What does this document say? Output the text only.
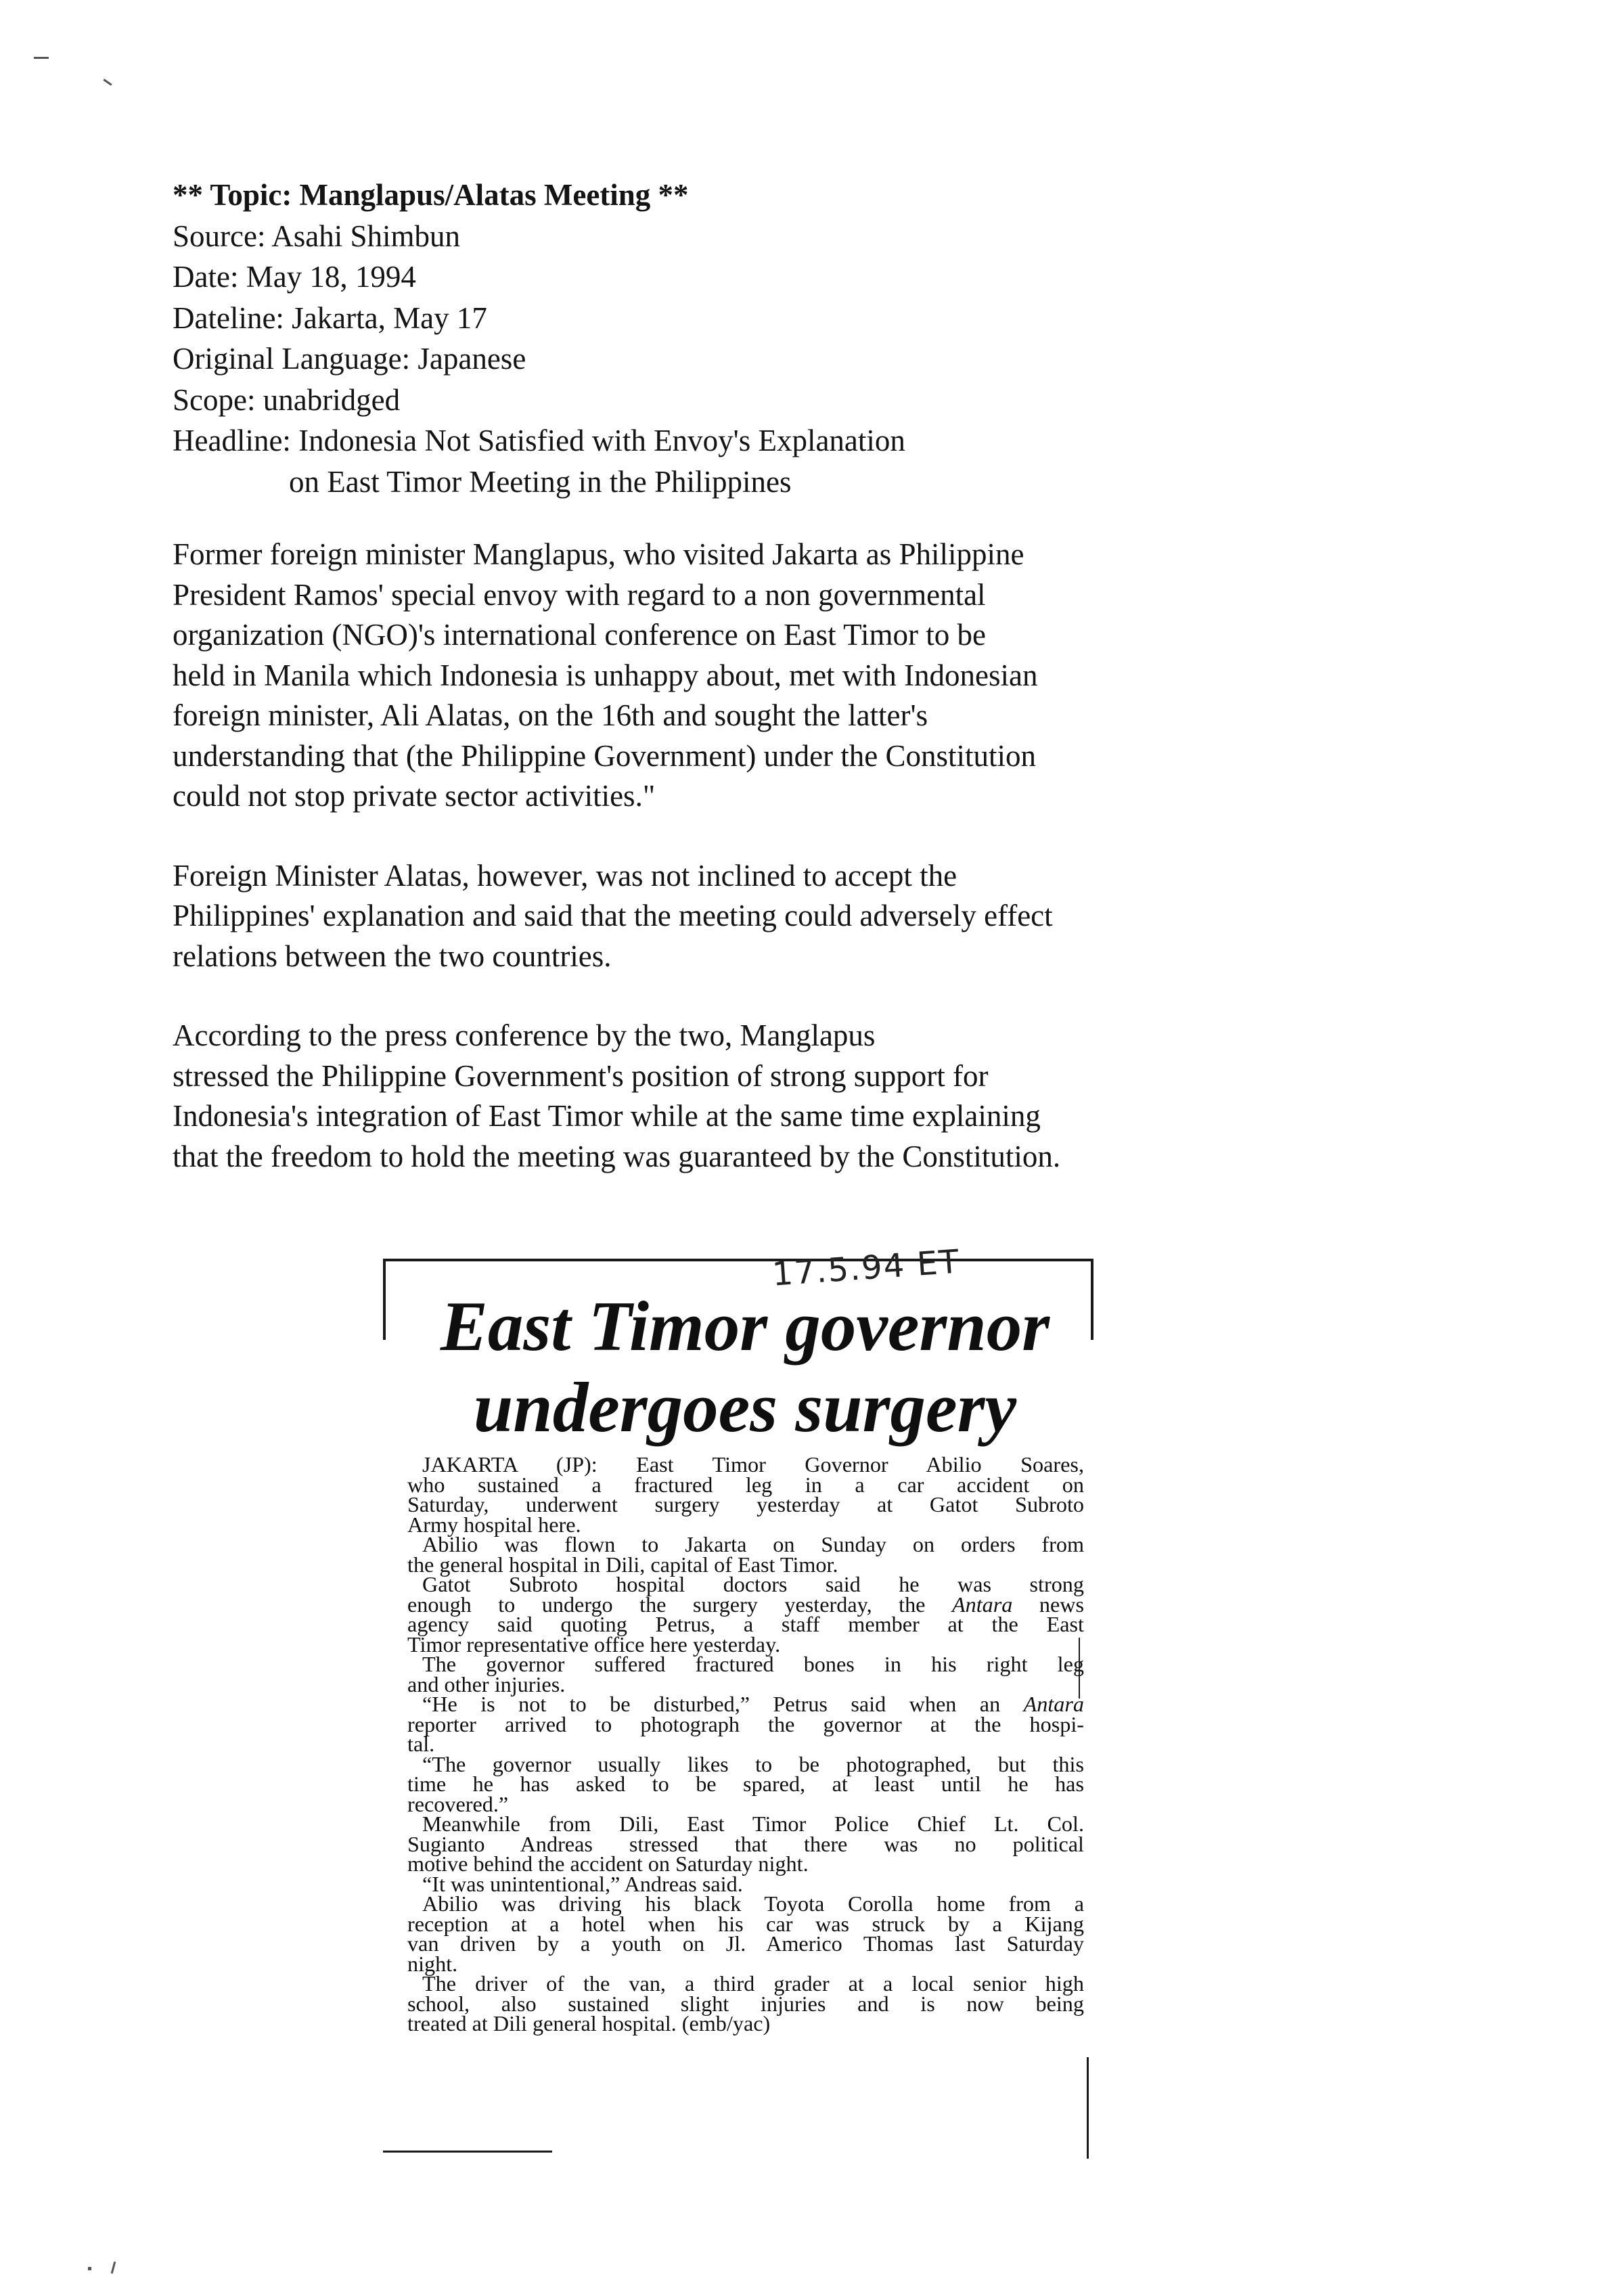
** Topic: Manglapus/Alatas Meeting **
Source: Asahi Shimbun
Date: May 18, 1994
Dateline: Jakarta, May 17
Original Language: Japanese
Scope: unabridged
Headline: Indonesia Not Satisfied with Envoy's Explanation
on East Timor Meeting in the Philippines
Former foreign minister Manglapus, who visited Jakarta as Philippine
President Ramos' special envoy with regard to a non governmental
organization (NGO)'s international conference on East Timor to be
held in Manila which Indonesia is unhappy about, met with Indonesian
foreign minister, Ali Alatas, on the 16th and sought the latter's
understanding that (the Philippine Government) under the Constitution
could not stop private sector activities."
Foreign Minister Alatas, however, was not inclined to accept the
Philippines' explanation and said that the meeting could adversely effect
relations between the two countries.
According to the press conference by the two, Manglapus
stressed the Philippine Government's position of strong support for
Indonesia's integration of East Timor while at the same time explaining
that the freedom to hold the meeting was guaranteed by the Constitution.
East Timor governor
undergoes surgery
17.5.94 ET
JAKARTA (JP): East Timor Governor Abilio Soares,
who sustained a fractured leg in a car accident on
Saturday, underwent surgery yesterday at Gatot Subroto
Army hospital here.
Abilio was flown to Jakarta on Sunday on orders from
the general hospital in Dili, capital of East Timor.
Gatot Subroto hospital doctors said he was strong
enough to undergo the surgery yesterday, the Antara news
agency said quoting Petrus, a staff member at the East
Timor representative office here yesterday.
The governor suffered fractured bones in his right leg
and other injuries.
“He is not to be disturbed,” Petrus said when an Antara
reporter arrived to photograph the governor at the hospi-
tal.
“The governor usually likes to be photographed, but this
time he has asked to be spared, at least until he has
recovered.”
Meanwhile from Dili, East Timor Police Chief Lt. Col.
Sugianto Andreas stressed that there was no political
motive behind the accident on Saturday night.
“It was unintentional,” Andreas said.
Abilio was driving his black Toyota Corolla home from a
reception at a hotel when his car was struck by a Kijang
van driven by a youth on Jl. Americo Thomas last Saturday
night.
The driver of the van, a third grader at a local senior high
school, also sustained slight injuries and is now being
treated at Dili general hospital. (emb/yac)
